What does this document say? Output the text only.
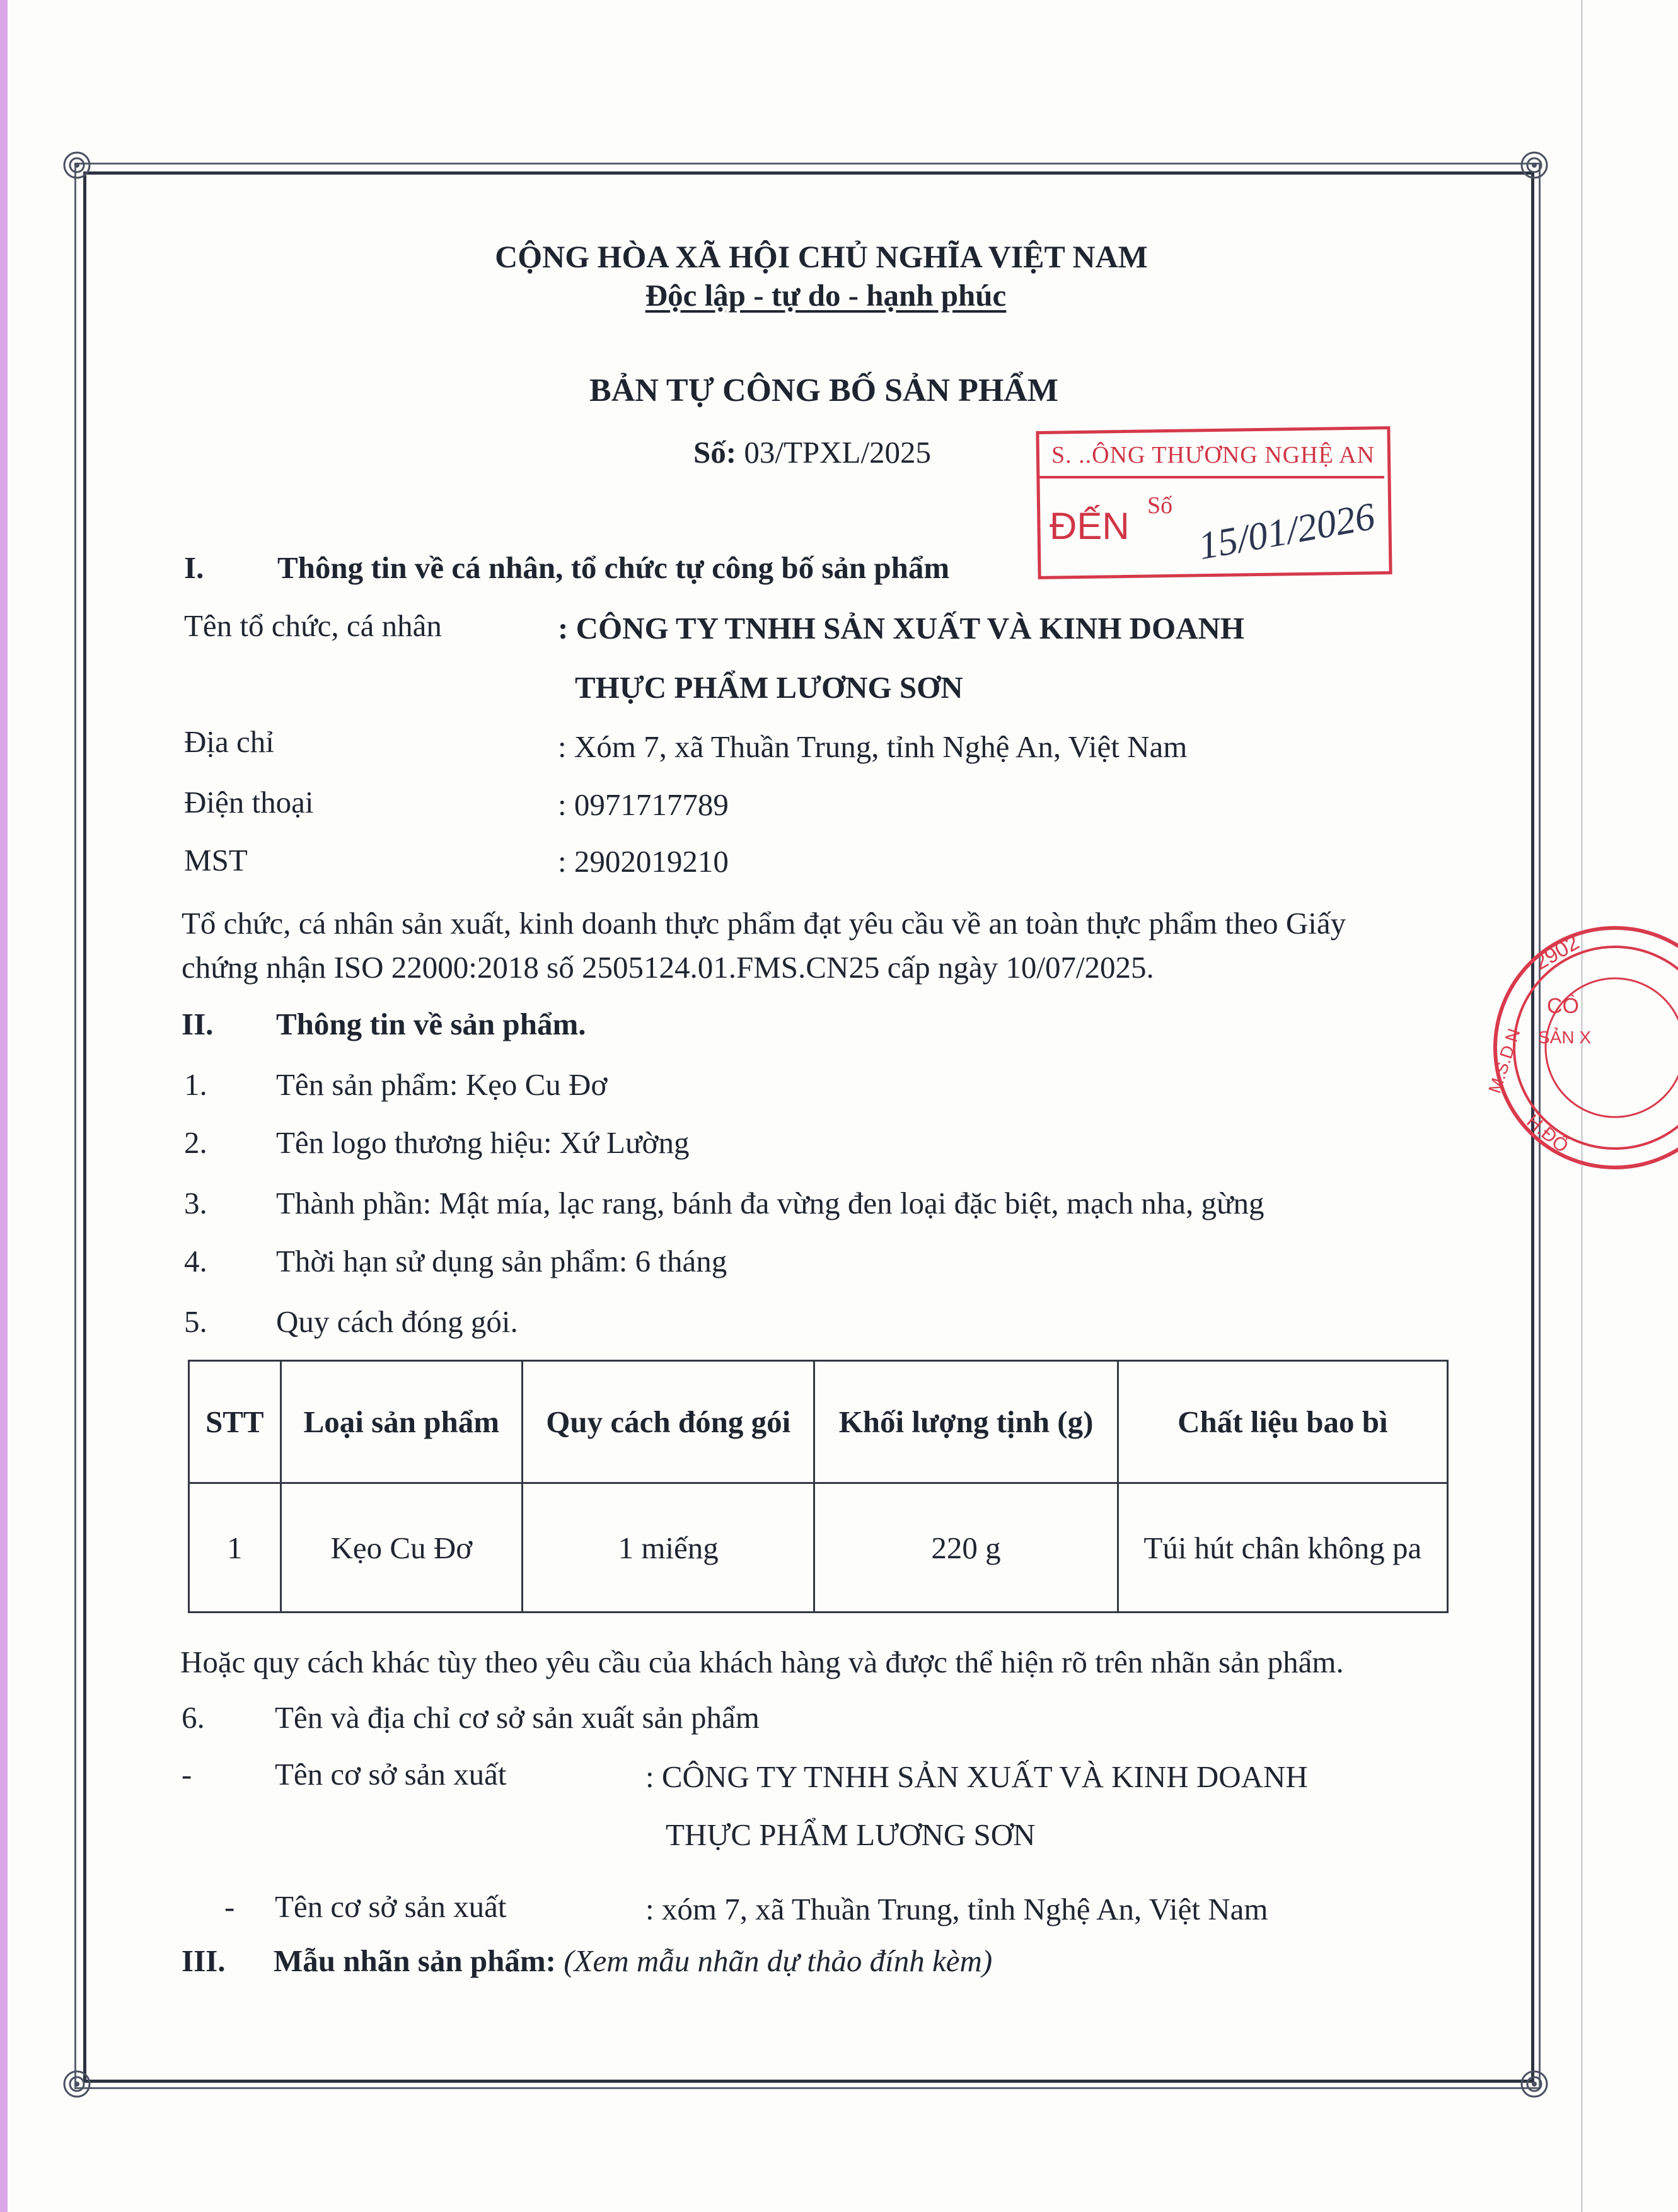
CỘNG HÒA XÃ HỘI CHỦ NGHĨA VIỆT NAM
Độc lập - tự do - hạnh phúc
BẢN TỰ CÔNG BỐ SẢN PHẨM
Số: 03/TPXL/2025	S. ..ÔNG THƯƠNG NGHỆ AN
ĐẾN Số 15/01/2026
I. Thông tin về cá nhân, tổ chức tự công bố sản phẩm
Tên tổ chức, cá nhân	: CÔNG TY TNHH SẢN XUẤT VÀ KINH DOANH
THỰC PHẨM LƯƠNG SƠN
Địa chỉ	: Xóm 7, xã Thuần Trung, tỉnh Nghệ An, Việt Nam
Điện thoại	: 0971717789
MST	: 2902019210
Tổ chức, cá nhân sản xuất, kinh doanh thực phẩm đạt yêu cầu về an toàn thực phẩm theo Giấy
chứng nhận ISO 22000:2018 số 2505124.01.FMS.CN25 cấp ngày 10/07/2025.	2902
CÔ
SẢN X
M.S.D.N
H.ĐỐ
II. Thông tin về sản phẩm.
1. Tên sản phẩm: Kẹo Cu Đơ
2. Tên logo thương hiệu: Xứ Lường
3. Thành phần: Mật mía, lạc rang, bánh đa vừng đen loại đặc biệt, mạch nha, gừng
4. Thời hạn sử dụng sản phẩm: 6 tháng
5. Quy cách đóng gói.
STT	Loại sản phẩm	Quy cách đóng gói	Khối lượng tịnh (g)	Chất liệu bao bì
1	Kẹo Cu Đơ	1 miếng	220 g	Túi hút chân không pa
Hoặc quy cách khác tùy theo yêu cầu của khách hàng và được thể hiện rõ trên nhãn sản phẩm.
6. Tên và địa chỉ cơ sở sản xuất sản phẩm
-	Tên cơ sở sản xuất	: CÔNG TY TNHH SẢN XUẤT VÀ KINH DOANH
THỰC PHẨM LƯƠNG SƠN
- Tên cơ sở sản xuất	: xóm 7, xã Thuần Trung, tỉnh Nghệ An, Việt Nam
III. Mẫu nhãn sản phẩm: (Xem mẫu nhãn dự thảo đính kèm)
